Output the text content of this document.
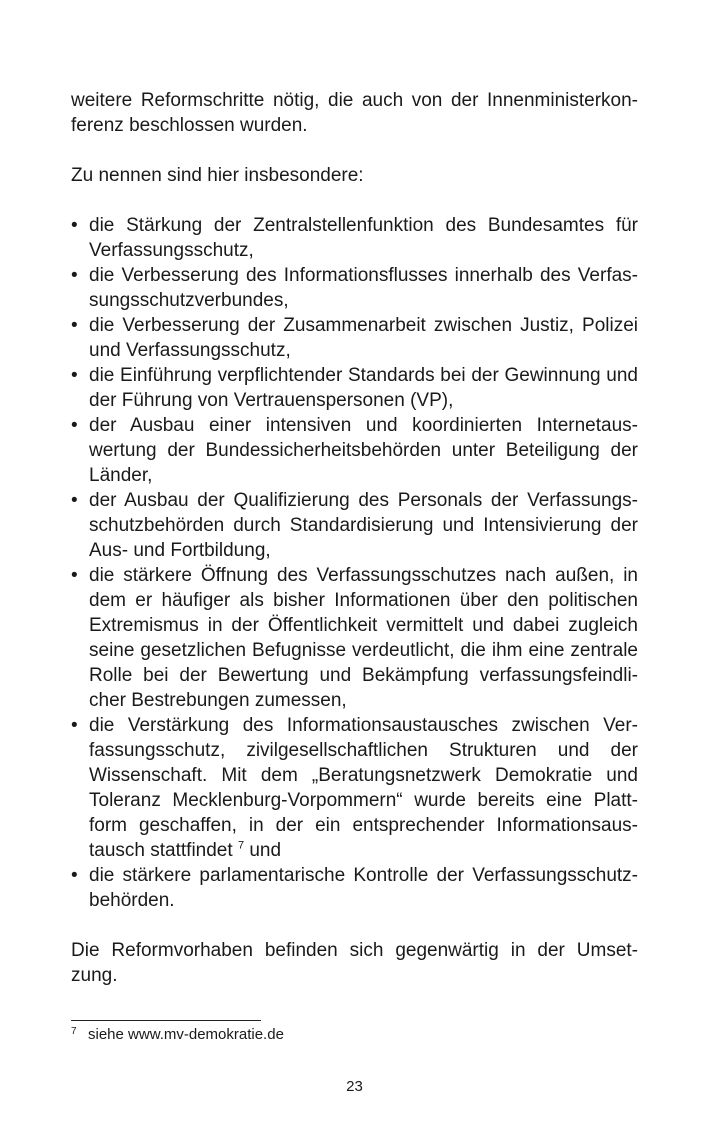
weitere Reformschritte nötig, die auch von der Innenministerkon-ferenz beschlossen wurden.

Zu nennen sind hier insbesondere:

• die Stärkung der Zentralstellenfunktion des Bundesamtes für Verfassungsschutz,
• die Verbesserung des Informationsflusses innerhalb des Verfas-sungsschutzverbundes,
• die Verbesserung der Zusammenarbeit zwischen Justiz, Polizei und Verfassungsschutz,
• die Einführung verpflichtender Standards bei der Gewinnung und der Führung von Vertrauenspersonen (VP),
• der Ausbau einer intensiven und koordinierten Internetaus-wertung der Bundessicherheitsbehörden unter Beteiligung der Länder,
• der Ausbau der Qualifizierung des Personals der Verfassungs-schutzbehörden durch Standardisierung und Intensivierung der Aus- und Fortbildung,
• die stärkere Öffnung des Verfassungsschutzes nach außen, in dem er häufiger als bisher Informationen über den politischen Extremismus in der Öffentlichkeit vermittelt und dabei zugleich seine gesetzlichen Befugnisse verdeutlicht, die ihm eine zentrale Rolle bei der Bewertung und Bekämpfung verfassungsfeindli-cher Bestrebungen zumessen,
• die Verstärkung des Informationsaustausches zwischen Ver-fassungsschutz, zivilgesellschaftlichen Strukturen und der Wissenschaft. Mit dem „Beratungsnetzwerk Demokratie und Toleranz Mecklenburg-Vorpommern“ wurde bereits eine Platt-form geschaffen, in der ein entsprechender Informationsaus-tausch stattfindet $^7$ und
• die stärkere parlamentarische Kontrolle der Verfassungsschutz-behörden.

Die Reformvorhaben befinden sich gegenwärtig in der Umset-zung.

7 siehe www.mv-demokratie.de
23
